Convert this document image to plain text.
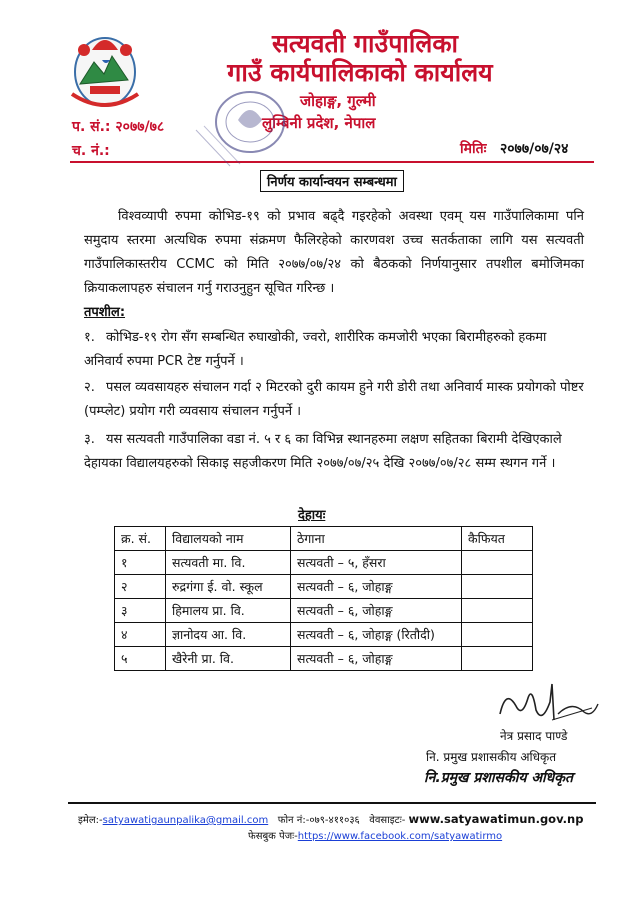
सत्यवती गाउँपालिका
गाउँ कार्यपालिकाको कार्यालय
जोहाङ्ग, गुल्मी
लुम्बिनी प्रदेश, नेपाल
प. सं.: २०७७/७८
च. नं.:	मितिः २०७७/०७/२४
निर्णय कार्यान्वयन सम्बन्धमा
विश्वव्यापी रुपमा कोभिड-१९ को प्रभाव बढ्दै गइरहेको अवस्था एवम् यस गाउँपालिकामा पनि समुदाय स्तरमा अत्यधिक रुपमा संक्रमण फैलिरहेको कारणवश उच्च सतर्कताका लागि यस सत्यवती गाउँपालिकास्तरीय CCMC को मिति २०७७/०७/२४ को बैठकको निर्णयानुसार तपशील बमोजिमका क्रियाकलापहरु संचालन गर्नु गराउनुहुन सूचित गरिन्छ ।
तपशील:
१. कोभिड-१९ रोग सँग सम्बन्धित रुघाखोकी, ज्वरो, शारीरिक कमजोरी भएका बिरामीहरुको हकमा अनिवार्य रुपमा PCR टेष्ट गर्नुपर्ने ।
२. पसल व्यवसायहरु संचालन गर्दा २ मिटरको दुरी कायम हुने गरी डोरी तथा अनिवार्य मास्क प्रयोगको पोष्टर (पम्प्लेट) प्रयोग गरी व्यवसाय संचालन गर्नुपर्ने ।
३. यस सत्यवती गाउँपालिका वडा नं. ५ र ६ का विभिन्न स्थानहरुमा लक्षण सहितका बिरामी देखिएकाले देहायका विद्यालयहरुको सिकाइ सहजीकरण मिति २०७७/०७/२५ देखि २०७७/०७/२८ सम्म स्थगन गर्ने ।
देहायः
क्र. सं.	विद्यालयको नाम	ठेगाना	कैफियत
१	सत्यवती मा. वि.	सत्यवती – ५, हँसरा	
२	रुद्रगंगा ई. वो. स्कूल	सत्यवती – ६, जोहाङ्ग	
३	हिमालय प्रा. वि.	सत्यवती – ६, जोहाङ्ग	
४	ज्ञानोदय आ. वि.	सत्यवती – ६, जोहाङ्ग (रितौदी)	
५	खैरेनी प्रा. वि.	सत्यवती – ६, जोहाङ्ग	
नेत्र प्रसाद पाण्डे
नि. प्रमुख प्रशासकीय अधिकृत
नि.प्रमुख प्रशासकीय अधिकृत
इमेल:-satyawatigaunpalika@gmail.com फोन नं:-०७९-४११०३६ वेवसाइटः- www.satyawatimun.gov.np
फेसबुक पेजः-https://www.facebook.com/satyawatirmo
